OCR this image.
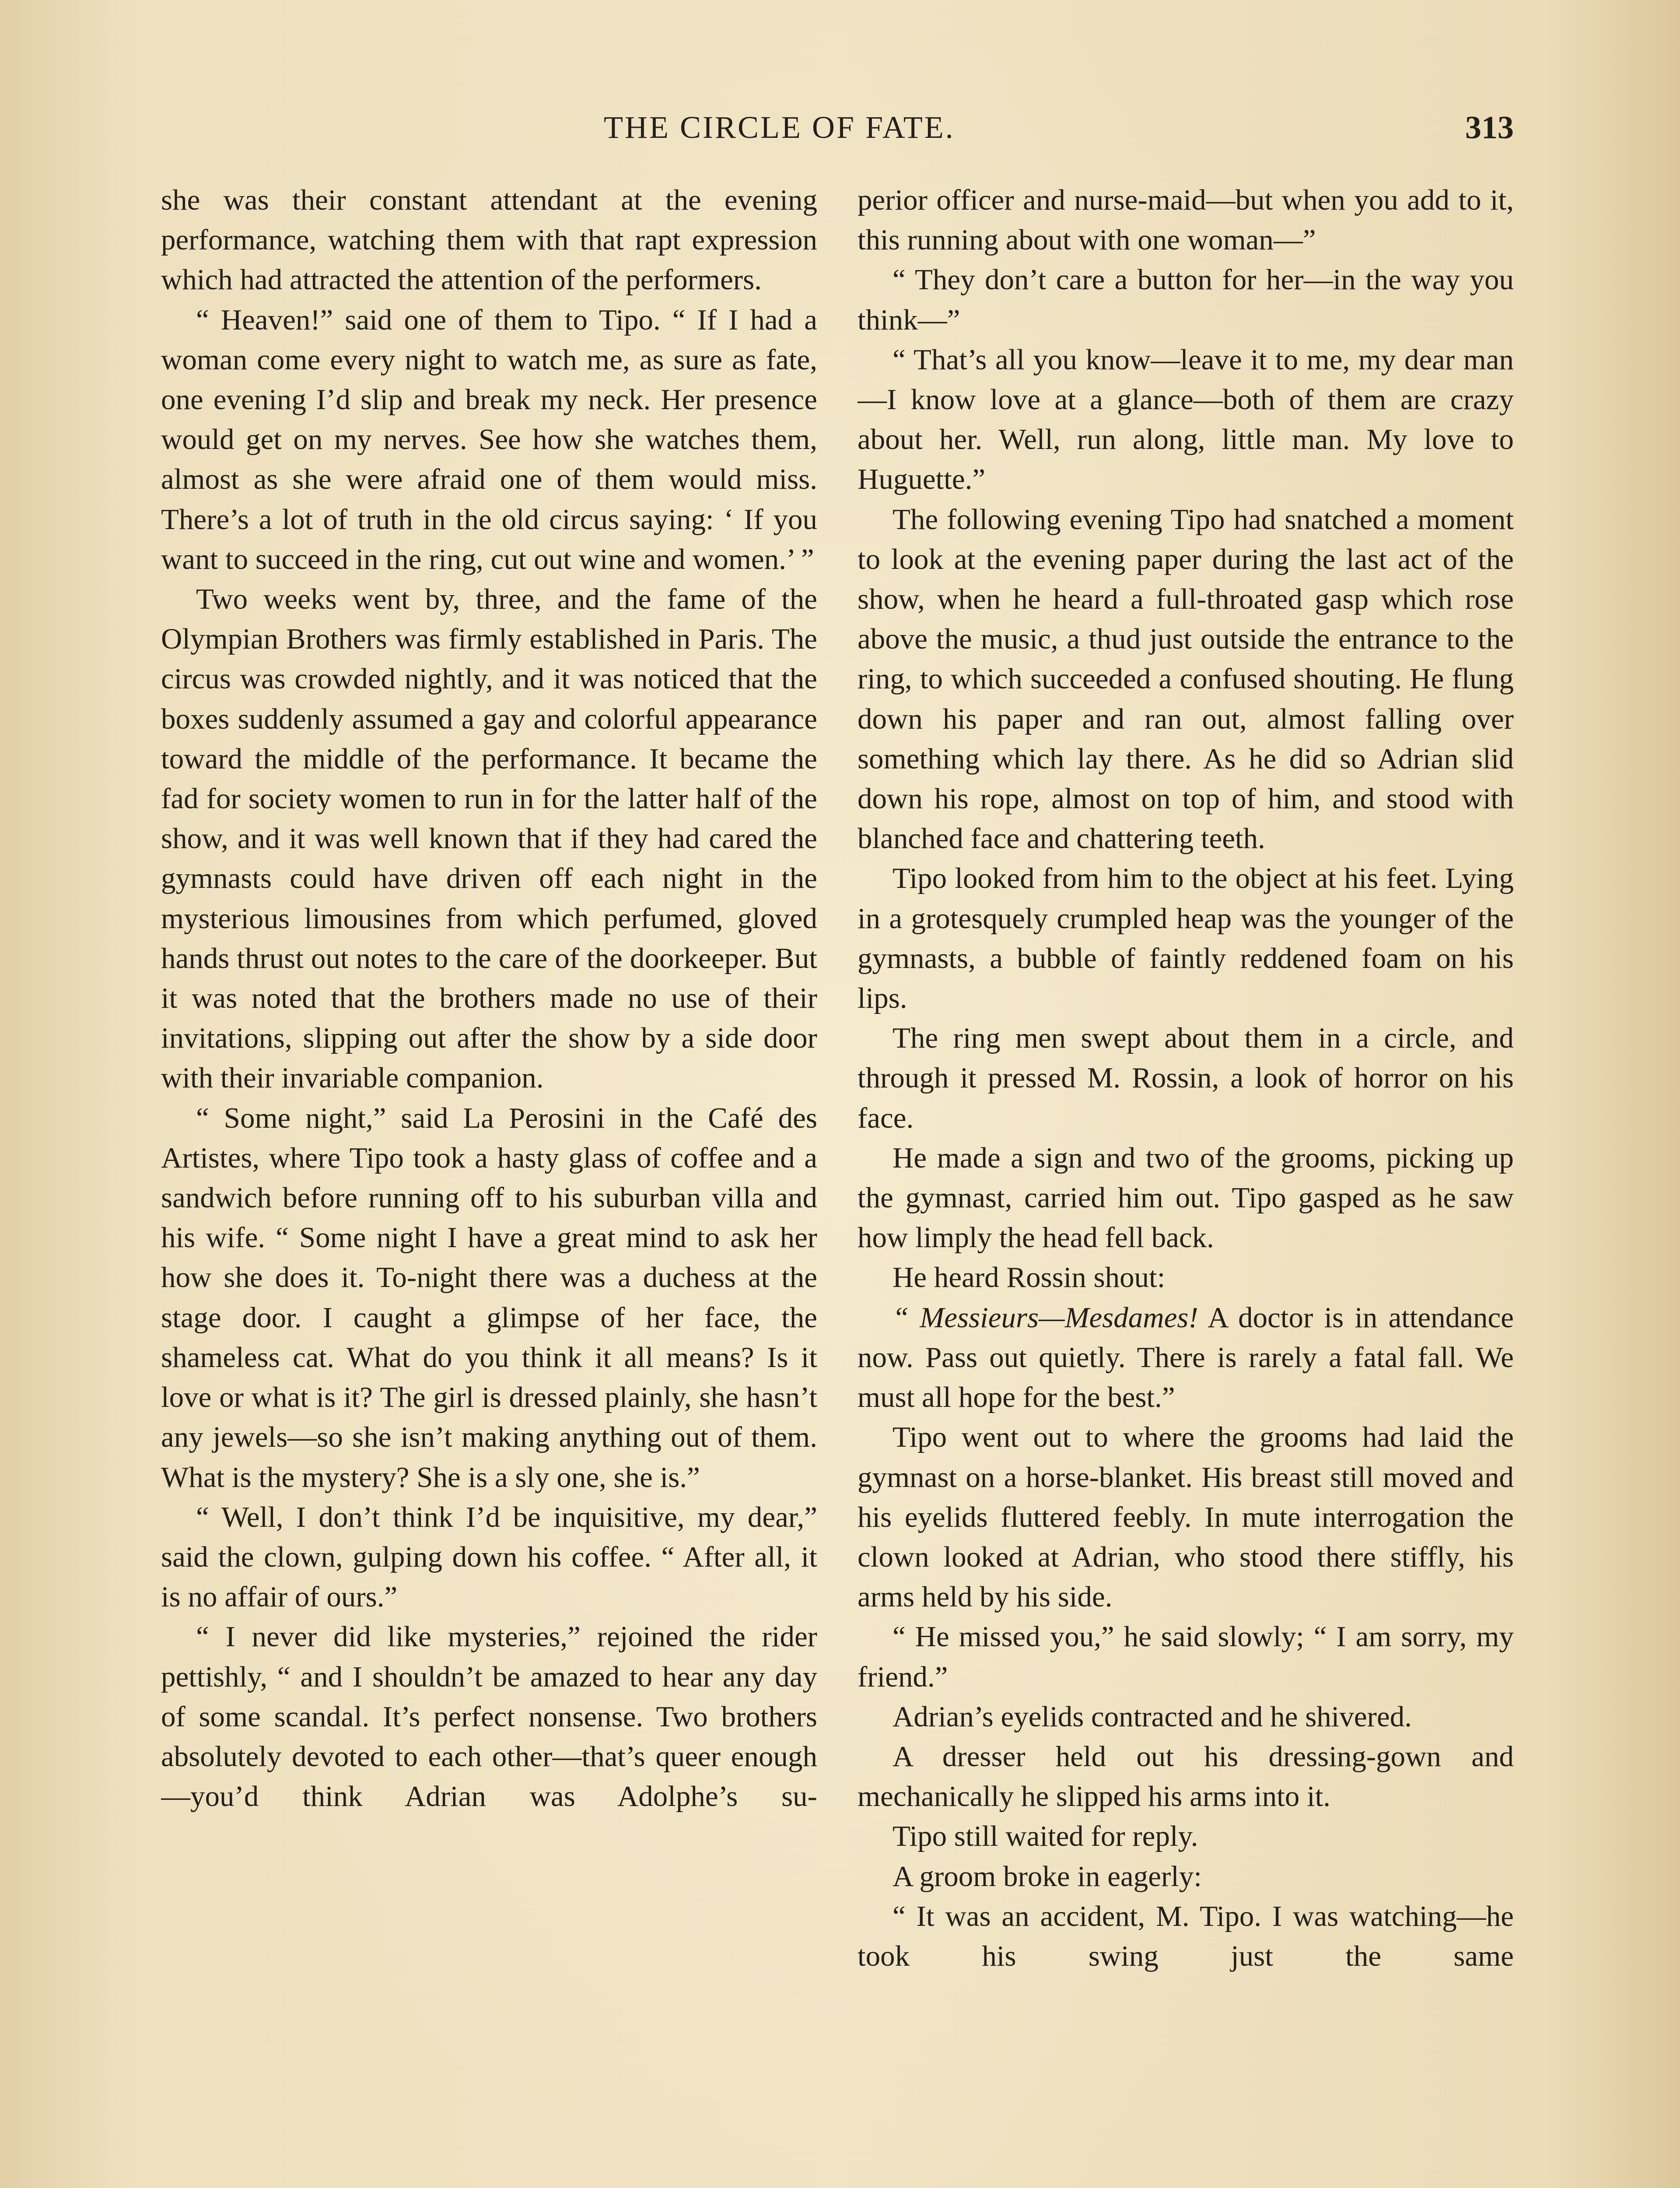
THE CIRCLE OF FATE.	313

she was their constant attendant at the evening performance, watching them with that rapt expression which had attracted the attention of the performers.

“ Heaven!” said one of them to Tipo. “ If I had a woman come every night to watch me, as sure as fate, one evening I’d slip and break my neck. Her presence would get on my nerves. See how she watches them, almost as she were afraid one of them would miss. There’s a lot of truth in the old circus saying: ‘ If you want to succeed in the ring, cut out wine and women.’ ”

Two weeks went by, three, and the fame of the Olympian Brothers was firmly established in Paris. The circus was crowded nightly, and it was noticed that the boxes suddenly assumed a gay and colorful appearance toward the middle of the performance. It became the fad for society women to run in for the latter half of the show, and it was well known that if they had cared the gymnasts could have driven off each night in the mysterious limousines from which perfumed, gloved hands thrust out notes to the care of the doorkeeper. But it was noted that the brothers made no use of their invitations, slipping out after the show by a side door with their invariable companion.

“ Some night,” said La Perosini in the Café des Artistes, where Tipo took a hasty glass of coffee and a sandwich before running off to his suburban villa and his wife. “ Some night I have a great mind to ask her how she does it. To-night there was a duchess at the stage door. I caught a glimpse of her face, the shameless cat. What do you think it all means? Is it love or what is it? The girl is dressed plainly, she hasn’t any jewels—so she isn’t making anything out of them. What is the mystery? She is a sly one, she is.”

“ Well, I don’t think I’d be inquisitive, my dear,” said the clown, gulping down his coffee. “ After all, it is no affair of ours.”

“ I never did like mysteries,” rejoined the rider pettishly, “ and I shouldn’t be amazed to hear any day of some scandal. It’s perfect nonsense. Two brothers absolutely devoted to each other—that’s queer enough —you’d think Adrian was Adolphe’s su-

perior officer and nurse-maid—but when you add to it, this running about with one woman—”

“ They don’t care a button for her—in the way you think—”

“ That’s all you know—leave it to me, my dear man—I know love at a glance—both of them are crazy about her. Well, run along, little man. My love to Huguette.”

The following evening Tipo had snatched a moment to look at the evening paper during the last act of the show, when he heard a full-throated gasp which rose above the music, a thud just outside the entrance to the ring, to which succeeded a confused shouting. He flung down his paper and ran out, almost falling over something which lay there. As he did so Adrian slid down his rope, almost on top of him, and stood with blanched face and chattering teeth.

Tipo looked from him to the object at his feet. Lying in a grotesquely crumpled heap was the younger of the gymnasts, a bubble of faintly reddened foam on his lips.

The ring men swept about them in a circle, and through it pressed M. Rossin, a look of horror on his face.

He made a sign and two of the grooms, picking up the gymnast, carried him out. Tipo gasped as he saw how limply the head fell back.

He heard Rossin shout:

“ Messieurs—Mesdames! A doctor is in attendance now. Pass out quietly. There is rarely a fatal fall. We must all hope for the best.”

Tipo went out to where the grooms had laid the gymnast on a horse-blanket. His breast still moved and his eyelids fluttered feebly. In mute interrogation the clown looked at Adrian, who stood there stiffly, his arms held by his side.

“ He missed you,” he said slowly; “ I am sorry, my friend.”

Adrian’s eyelids contracted and he shivered.

A dresser held out his dressing-gown and mechanically he slipped his arms into it.

Tipo still waited for reply.

A groom broke in eagerly:

“ It was an accident, M. Tipo. I was watching—he took his swing just the same
